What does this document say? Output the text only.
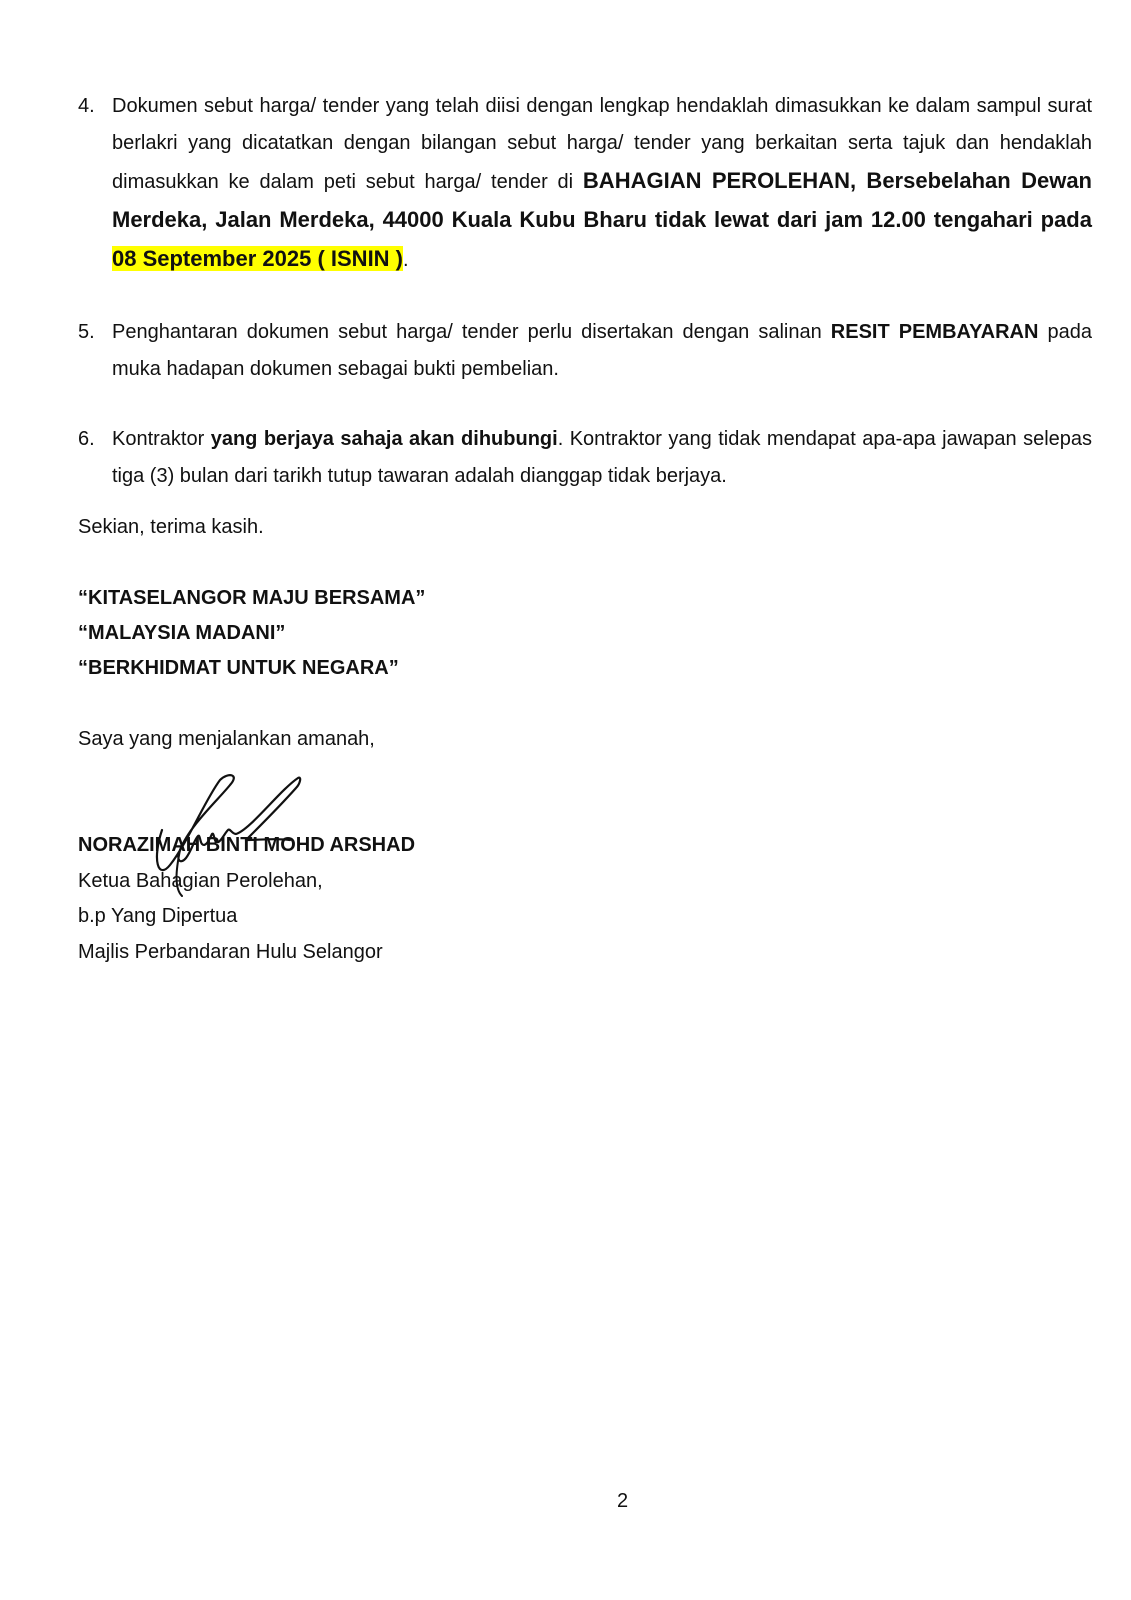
4. Dokumen sebut harga/ tender yang telah diisi dengan lengkap hendaklah dimasukkan ke dalam sampul surat berlakri yang dicatatkan dengan bilangan sebut harga/ tender yang berkaitan serta tajuk dan hendaklah dimasukkan ke dalam peti sebut harga/ tender di BAHAGIAN PEROLEHAN, Bersebelahan Dewan Merdeka, Jalan Merdeka, 44000 Kuala Kubu Bharu tidak lewat dari jam 12.00 tengahari pada 08 September 2025 ( ISNIN ).
5. Penghantaran dokumen sebut harga/ tender perlu disertakan dengan salinan RESIT PEMBAYARAN pada muka hadapan dokumen sebagai bukti pembelian.
6. Kontraktor yang berjaya sahaja akan dihubungi. Kontraktor yang tidak mendapat apa-apa jawapan selepas tiga (3) bulan dari tarikh tutup tawaran adalah dianggap tidak berjaya.
Sekian, terima kasih.
“KITASELANGOR MAJU BERSAMA”
“MALAYSIA MADANI”
“BERKHIDMAT UNTUK NEGARA”
Saya yang menjalankan amanah,
NORAZIMAH BINTI MOHD ARSHAD
Ketua Bahagian Perolehan,
b.p Yang Dipertua
Majlis Perbandaran Hulu Selangor
2
